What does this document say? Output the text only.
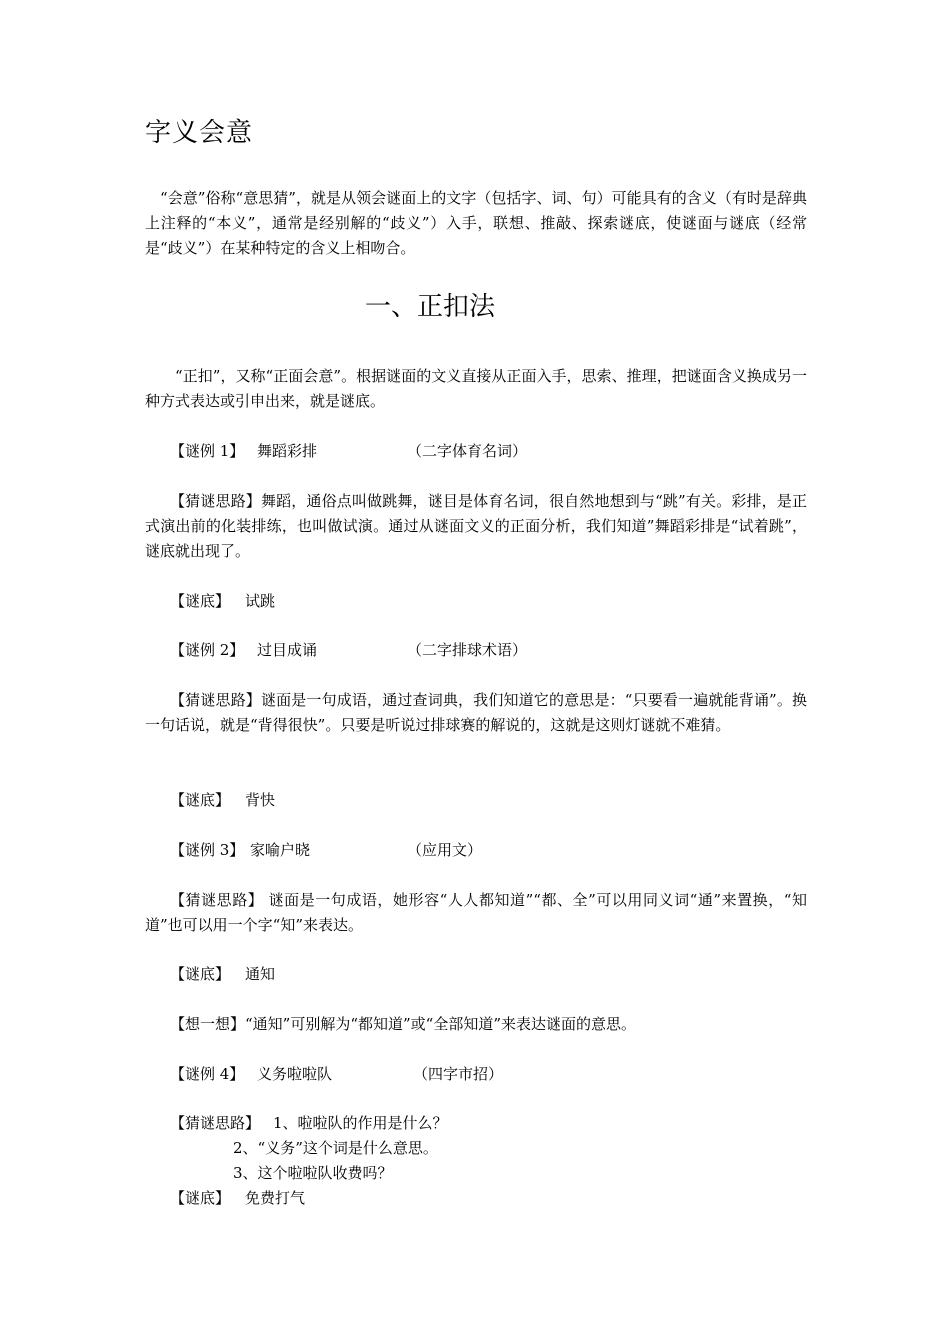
字义会意
“会意”俗称“意思猜”，就是从领会谜面上的文字（包括字、词、句）可能具有的含义（有时是辞典上注释的“本义”，通常是经别解的“歧义”）入手，联想、推敲、探索谜底，使谜面与谜底（经常是“歧义”）在某种特定的含义上相吻合。
一、正扣法
“正扣”，又称“正面会意”。根据谜面的文义直接从正面入手，思索、推理，把谜面含义换成另一种方式表达或引申出来，就是谜底。
【谜例 1】 舞蹈彩排	（二字体育名词）
【猜谜思路】舞蹈，通俗点叫做跳舞，谜目是体育名词，很自然地想到与“跳”有关。彩排，是正式演出前的化装排练，也叫做试演。通过从谜面文义的正面分析，我们知道”舞蹈彩排是“试着跳”，谜底就出现了。
【谜底】 试跳
【谜例 2】 过目成诵	（二字排球术语）
【猜谜思路】谜面是一句成语，通过查词典，我们知道它的意思是：“只要看一遍就能背诵”。换一句话说，就是“背得很快”。只要是听说过排球赛的解说的，这就是这则灯谜就不难猜。
【谜底】 背快
【谜例 3】 家喻户晓	（应用文）
【猜谜思路】 谜面是一句成语，她形容“人人都知道”“都、全”可以用同义词“通”来置换，“知道”也可以用一个字“知”来表达。
【谜底】 通知
【想一想】“通知”可别解为“都知道”或“全部知道”来表达谜面的意思。
【谜例 4】 义务啦啦队	（四字市招）
【猜谜思路】 1、啦啦队的作用是什么？
2、“义务”这个词是什么意思。
3、这个啦啦队收费吗？
【谜底】 免费打气
